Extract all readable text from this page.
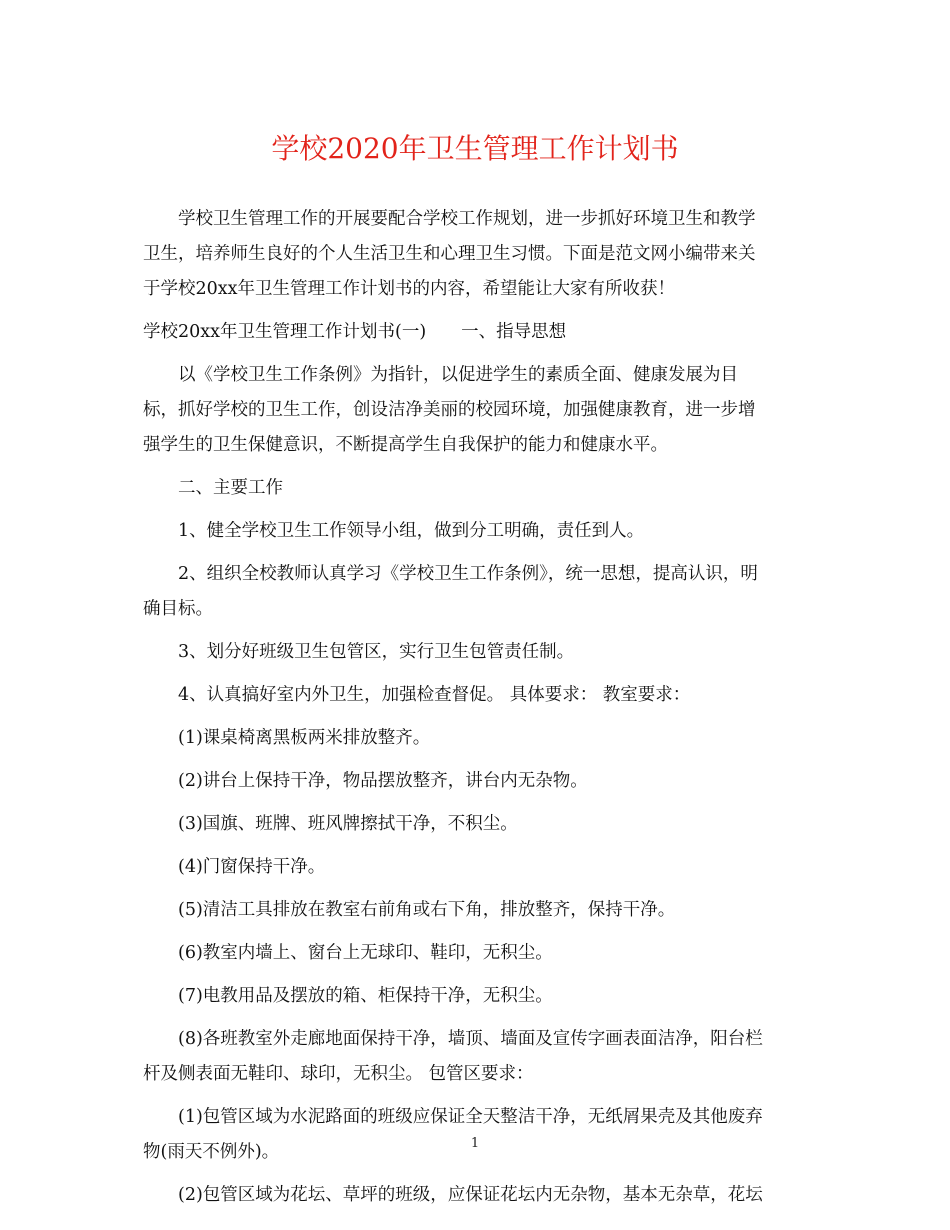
学校2020年卫生管理工作计划书

学校卫生管理工作的开展要配合学校工作规划，进一步抓好环境卫生和教学
卫生，培养师生良好的个人生活卫生和心理卫生习惯。下面是范文网小编带来关
于学校20xx年卫生管理工作计划书的内容，希望能让大家有所收获！

学校20xx年卫生管理工作计划书(一)　　一、指导思想

以《学校卫生工作条例》为指针，以促进学生的素质全面、健康发展为目
标，抓好学校的卫生工作，创设洁净美丽的校园环境，加强健康教育，进一步增
强学生的卫生保健意识，不断提高学生自我保护的能力和健康水平。

二、主要工作

1、健全学校卫生工作领导小组，做到分工明确，责任到人。

2、组织全校教师认真学习《学校卫生工作条例》，统一思想，提高认识，明
确目标。

3、划分好班级卫生包管区，实行卫生包管责任制。

4、认真搞好室内外卫生，加强检查督促。 具体要求： 教室要求：

(1)课桌椅离黑板两米排放整齐。

(2)讲台上保持干净，物品摆放整齐，讲台内无杂物。

(3)国旗、班牌、班风牌擦拭干净，不积尘。

(4)门窗保持干净。

(5)清洁工具排放在教室右前角或右下角，排放整齐，保持干净。

(6)教室内墙上、窗台上无球印、鞋印，无积尘。

(7)电教用品及摆放的箱、柜保持干净，无积尘。

(8)各班教室外走廊地面保持干净，墙顶、墙面及宣传字画表面洁净，阳台栏
杆及侧表面无鞋印、球印，无积尘。 包管区要求：

(1)包管区域为水泥路面的班级应保证全天整洁干净，无纸屑果壳及其他废弃
物(雨天不例外)。

(2)包管区域为花坛、草坪的班级，应保证花坛内无杂物，基本无杂草，花坛

1
